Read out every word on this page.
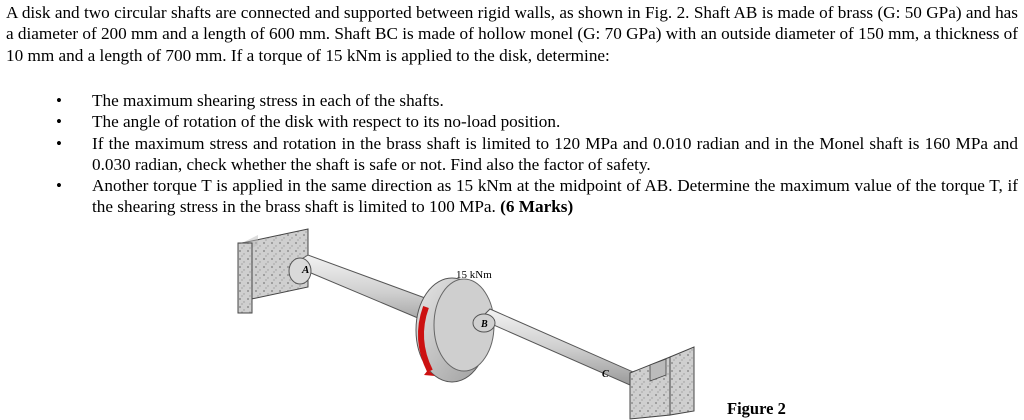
A disk and two circular shafts are connected and supported between rigid walls, as shown in Fig. 2. Shaft AB is made of brass (G: 50 GPa) and has a diameter of 200 mm and a length of 600 mm. Shaft BC is made of hollow monel (G: 70 GPa) with an outside diameter of 150 mm, a thickness of 10 mm and a length of 700 mm. If a torque of 15 kNm is applied to the disk, determine:

• The maximum shearing stress in each of the shafts.
• The angle of rotation of the disk with respect to its no-load position.
• If the maximum stress and rotation in the brass shaft is limited to 120 MPa and 0.010 radian and in the Monel shaft is 160 MPa and 0.030 radian, check whether the shaft is safe or not. Find also the factor of safety.
• Another torque T is applied in the same direction as 15 kNm at the midpoint of AB. Determine the maximum value of the torque T, if the shearing stress in the brass shaft is limited to 100 MPa. (6 Marks)
A	15 kNm
B
C
Figure 2
